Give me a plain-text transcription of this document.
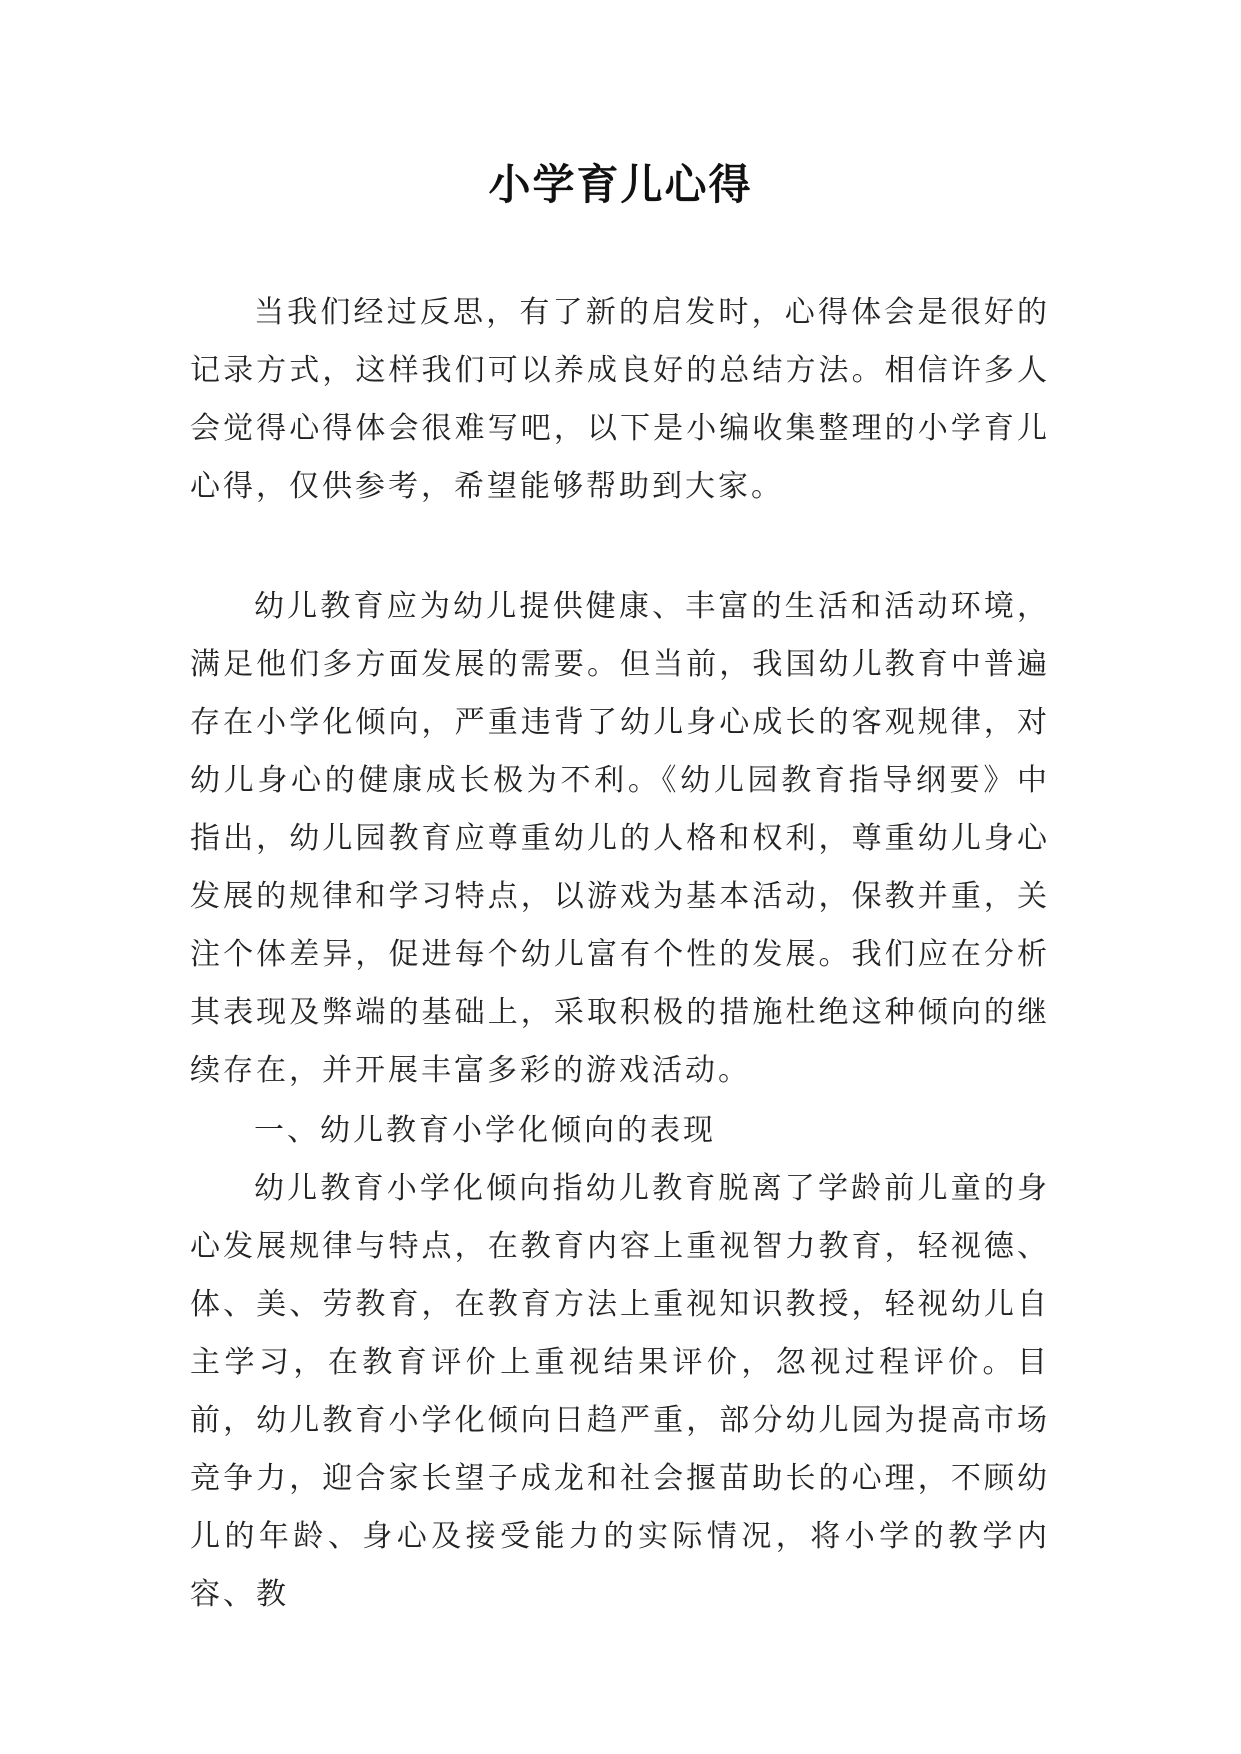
小学育儿心得

当我们经过反思，有了新的启发时，心得体会是很好的记录方式，这样我们可以养成良好的总结方法。相信许多人会觉得心得体会很难写吧，以下是小编收集整理的小学育儿心得，仅供参考，希望能够帮助到大家。

幼儿教育应为幼儿提供健康、丰富的生活和活动环境，满足他们多方面发展的需要。但当前，我国幼儿教育中普遍存在小学化倾向，严重违背了幼儿身心成长的客观规律，对幼儿身心的健康成长极为不利。《幼儿园教育指导纲要》中指出，幼儿园教育应尊重幼儿的人格和权利，尊重幼儿身心发展的规律和学习特点，以游戏为基本活动，保教并重，关注个体差异，促进每个幼儿富有个性的发展。我们应在分析其表现及弊端的基础上，采取积极的措施杜绝这种倾向的继续存在，并开展丰富多彩的游戏活动。

一、幼儿教育小学化倾向的表现

幼儿教育小学化倾向指幼儿教育脱离了学龄前儿童的身心发展规律与特点，在教育内容上重视智力教育，轻视德、体、美、劳教育，在教育方法上重视知识教授，轻视幼儿自主学习，在教育评价上重视结果评价，忽视过程评价。目前，幼儿教育小学化倾向日趋严重，部分幼儿园为提高市场竞争力，迎合家长望子成龙和社会揠苗助长的心理，不顾幼儿的年龄、身心及接受能力的实际情况，将小学的教学内容、教
